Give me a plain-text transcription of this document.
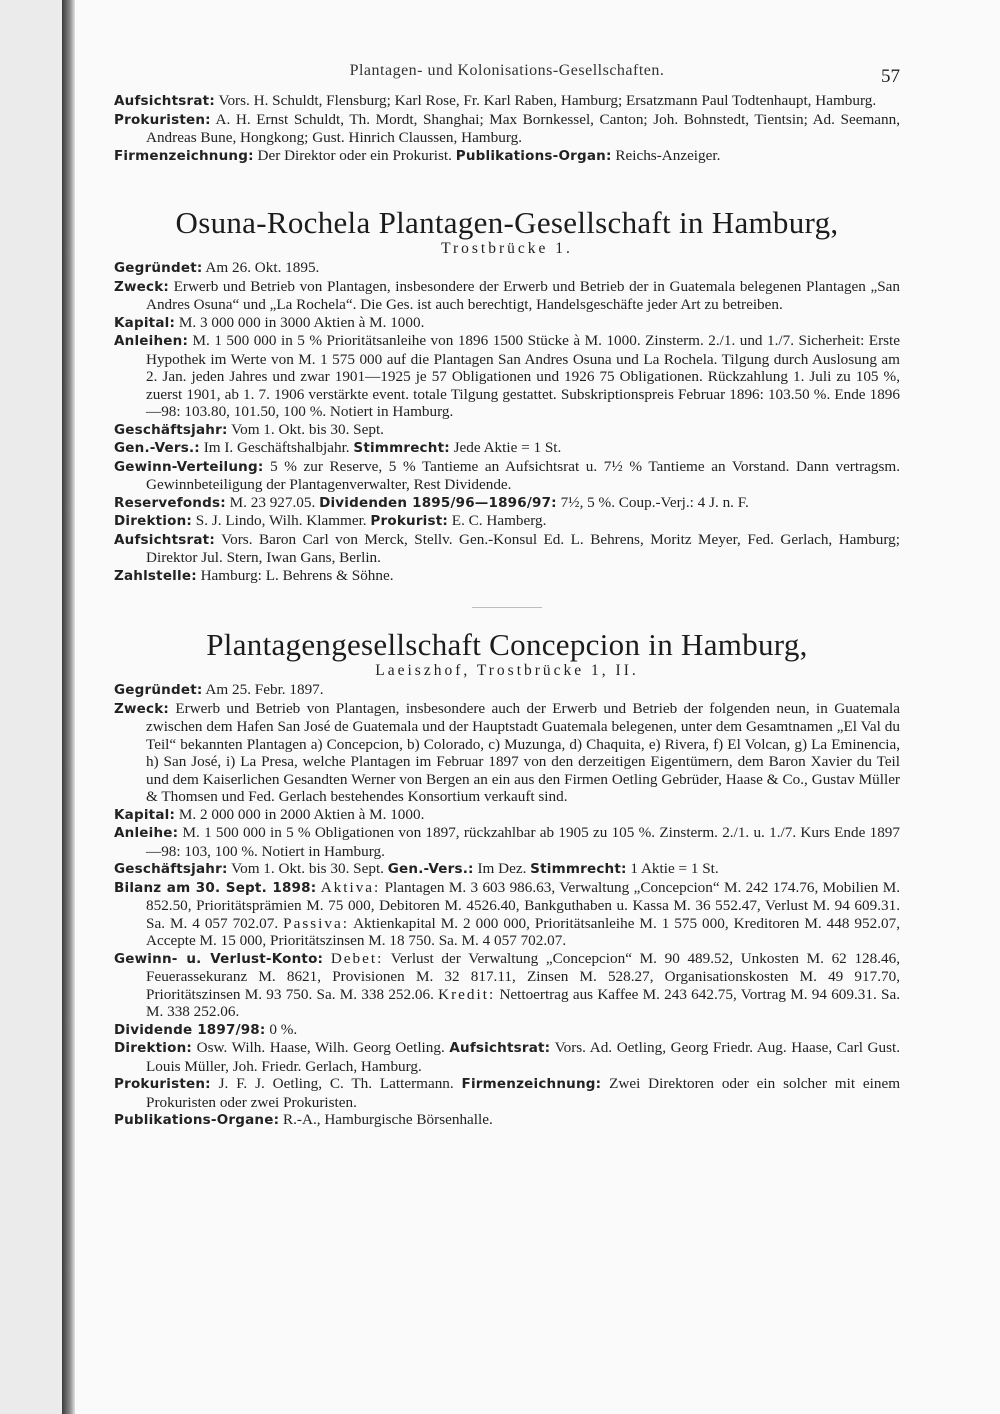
Plantagen- und Kolonisations-Gesellschaften.	57

Aufsichtsrat: Vors. H. Schuldt, Flensburg; Karl Rose, Fr. Karl Raben, Hamburg; Ersatzmann Paul Todtenhaupt, Hamburg.

Prokuristen: A. H. Ernst Schuldt, Th. Mordt, Shanghai; Max Bornkessel, Canton; Joh. Bohnstedt, Tientsin; Ad. Seemann, Andreas Bune, Hongkong; Gust. Hinrich Claussen, Hamburg.

Firmenzeichnung: Der Direktor oder ein Prokurist. Publikations-Organ: Reichs-Anzeiger.

Osuna-Rochela Plantagen-Gesellschaft in Hamburg,
Trostbrücke 1.

Gegründet: Am 26. Okt. 1895.

Zweck: Erwerb und Betrieb von Plantagen, insbesondere der Erwerb und Betrieb der in Guatemala belegenen Plantagen „San Andres Osuna“ und „La Rochela“. Die Ges. ist auch berechtigt, Handelsgeschäfte jeder Art zu betreiben.

Kapital: M. 3 000 000 in 3000 Aktien à M. 1000.

Anleihen: M. 1 500 000 in 5 % Prioritätsanleihe von 1896 1500 Stücke à M. 1000. Zinsterm. 2./1. und 1./7. Sicherheit: Erste Hypothek im Werte von M. 1 575 000 auf die Plantagen San Andres Osuna und La Rochela. Tilgung durch Auslosung am 2. Jan. jeden Jahres und zwar 1901—1925 je 57 Obligationen und 1926 75 Obligationen. Rückzahlung 1. Juli zu 105 %, zuerst 1901, ab 1. 7. 1906 verstärkte event. totale Tilgung gestattet. Subskriptionspreis Februar 1896: 103.50 %. Ende 1896—98: 103.80, 101.50, 100 %. Notiert in Hamburg.

Geschäftsjahr: Vom 1. Okt. bis 30. Sept.

Gen.-Vers.: Im I. Geschäftshalbjahr. Stimmrecht: Jede Aktie = 1 St.

Gewinn-Verteilung: 5 % zur Reserve, 5 % Tantieme an Aufsichtsrat u. 7½ % Tantieme an Vorstand. Dann vertragsm. Gewinnbeteiligung der Plantagenverwalter, Rest Dividende.

Reservefonds: M. 23 927.05. Dividenden 1895/96—1896/97: 7½, 5 %. Coup.-Verj.: 4 J. n. F.

Direktion: S. J. Lindo, Wilh. Klammer. Prokurist: E. C. Hamberg.

Aufsichtsrat: Vors. Baron Carl von Merck, Stellv. Gen.-Konsul Ed. L. Behrens, Moritz Meyer, Fed. Gerlach, Hamburg; Direktor Jul. Stern, Iwan Gans, Berlin.

Zahlstelle: Hamburg: L. Behrens & Söhne.

Plantagengesellschaft Concepcion in Hamburg,
Laeiszhof, Trostbrücke 1, II.

Gegründet: Am 25. Febr. 1897.

Zweck: Erwerb und Betrieb von Plantagen, insbesondere auch der Erwerb und Betrieb der folgenden neun, in Guatemala zwischen dem Hafen San José de Guatemala und der Hauptstadt Guatemala belegenen, unter dem Gesamtnamen „El Val du Teil“ bekannten Plantagen a) Concepcion, b) Colorado, c) Muzunga, d) Chaquita, e) Rivera, f) El Volcan, g) La Eminencia, h) San José, i) La Presa, welche Plantagen im Februar 1897 von den derzeitigen Eigentümern, dem Baron Xavier du Teil und dem Kaiserlichen Gesandten Werner von Bergen an ein aus den Firmen Oetling Gebrüder, Haase & Co., Gustav Müller & Thomsen und Fed. Gerlach bestehendes Konsortium verkauft sind.

Kapital: M. 2 000 000 in 2000 Aktien à M. 1000.

Anleihe: M. 1 500 000 in 5 % Obligationen von 1897, rückzahlbar ab 1905 zu 105 %. Zinsterm. 2./1. u. 1./7. Kurs Ende 1897—98: 103, 100 %. Notiert in Hamburg.

Geschäftsjahr: Vom 1. Okt. bis 30. Sept. Gen.-Vers.: Im Dez. Stimmrecht: 1 Aktie = 1 St.

Bilanz am 30. Sept. 1898: Aktiva: Plantagen M. 3 603 986.63, Verwaltung „Concepcion“ M. 242 174.76, Mobilien M. 852.50, Prioritätsprämien M. 75 000, Debitoren M. 4526.40, Bankguthaben u. Kassa M. 36 552.47, Verlust M. 94 609.31. Sa. M. 4 057 702.07. Passiva: Aktienkapital M. 2 000 000, Prioritätsanleihe M. 1 575 000, Kreditoren M. 448 952.07, Accepte M. 15 000, Prioritätszinsen M. 18 750. Sa. M. 4 057 702.07.

Gewinn- u. Verlust-Konto: Debet: Verlust der Verwaltung „Concepcion“ M. 90 489.52, Unkosten M. 62 128.46, Feuerassekuranz M. 8621, Provisionen M. 32 817.11, Zinsen M. 528.27, Organisationskosten M. 49 917.70, Prioritätszinsen M. 93 750. Sa. M. 338 252.06. Kredit: Nettoertrag aus Kaffee M. 243 642.75, Vortrag M. 94 609.31. Sa. M. 338 252.06.

Dividende 1897/98: 0 %.

Direktion: Osw. Wilh. Haase, Wilh. Georg Oetling. Aufsichtsrat: Vors. Ad. Oetling, Georg Friedr. Aug. Haase, Carl Gust. Louis Müller, Joh. Friedr. Gerlach, Hamburg.

Prokuristen: J. F. J. Oetling, C. Th. Lattermann. Firmenzeichnung: Zwei Direktoren oder ein solcher mit einem Prokuristen oder zwei Prokuristen.

Publikations-Organe: R.-A., Hamburgische Börsenhalle.
